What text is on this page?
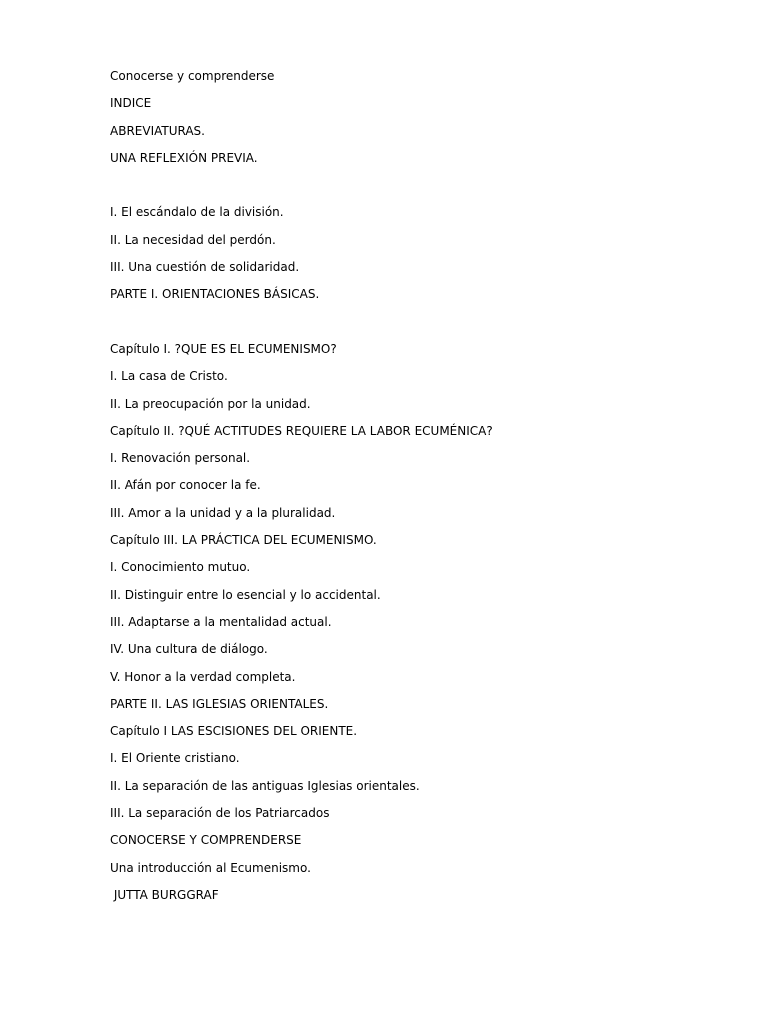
Conocerse y comprenderse
INDICE
ABREVIATURAS.
UNA REFLEXIÓN PREVIA.
I. El escándalo de la división.
II. La necesidad del perdón.
III. Una cuestión de solidaridad.
PARTE I. ORIENTACIONES BÁSICAS.
Capítulo I. ?QUE ES EL ECUMENISMO?
I. La casa de Cristo.
II. La preocupación por la unidad.
Capítulo II. ?QUÉ ACTITUDES REQUIERE LA LABOR ECUMÉNICA?
I. Renovación personal.
II. Afán por conocer la fe.
III. Amor a la unidad y a la pluralidad.
Capítulo III. LA PRÁCTICA DEL ECUMENISMO.
I. Conocimiento mutuo.
II. Distinguir entre lo esencial y lo accidental.
III. Adaptarse a la mentalidad actual.
IV. Una cultura de diálogo.
V. Honor a la verdad completa.
PARTE II. LAS IGLESIAS ORIENTALES.
Capítulo I LAS ESCISIONES DEL ORIENTE.
I. El Oriente cristiano.
II. La separación de las antiguas Iglesias orientales.
III. La separación de los Patriarcados
CONOCERSE Y COMPRENDERSE
Una introducción al Ecumenismo.
JUTTA BURGGRAF
